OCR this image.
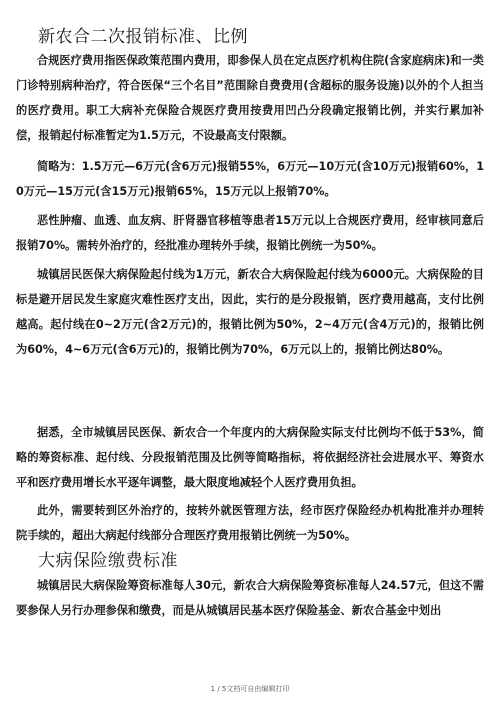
新农合二次报销标准、比例

合规医疗费用指医保政策范围内费用，即参保人员在定点医疗机构住院(含家庭病床)和一类门诊特别病种治疗，符合医保“三个名目”范围除自费费用(含超标的服务设施)以外的个人担当的医疗费用。职工大病补充保险合规医疗费用按费用凹凸分段确定报销比例，并实行累加补偿，报销起付标准暂定为1.5万元，不设最高支付限额。

简略为：1.5万元—6万元(含6万元)报销55%，6万元—10万元(含10万元)报销60%，10万元—15万元(含15万元)报销65%，15万元以上报销70%。

恶性肿瘤、血透、血友病、肝肾器官移植等患者15万元以上合规医疗费用，经审核同意后报销70%。需转外治疗的，经批准办理转外手续，报销比例统一为50%。

城镇居民医保大病保险起付线为1万元，新农合大病保险起付线为6000元。大病保险的目标是避开居民发生家庭灾难性医疗支出，因此，实行的是分段报销，医疗费用越高，支付比例越高。起付线在0~2万元(含2万元)的，报销比例为50%，2~4万元(含4万元)的，报销比例为60%，4~6万元(含6万元)的，报销比例为70%，6万元以上的，报销比例达80%。

据悉，全市城镇居民医保、新农合一个年度内的大病保险实际支付比例均不低于53%，简略的筹资标准、起付线、分段报销范围及比例等简略指标，将依据经济社会进展水平、筹资水平和医疗费用增长水平逐年调整，最大限度地减轻个人医疗费用负担。

此外，需要转到区外治疗的，按转外就医管理方法，经市医疗保险经办机构批准并办理转院手续的，超出大病起付线部分合理医疗费用报销比例统一为50%。

大病保险缴费标准

城镇居民大病保险筹资标准每人30元，新农合大病保险筹资标准每人24.57元，但这不需要参保人另行办理参保和缴费，而是从城镇居民基本医疗保险基金、新农合基金中划出

1 / 5文档可自由编辑打印
